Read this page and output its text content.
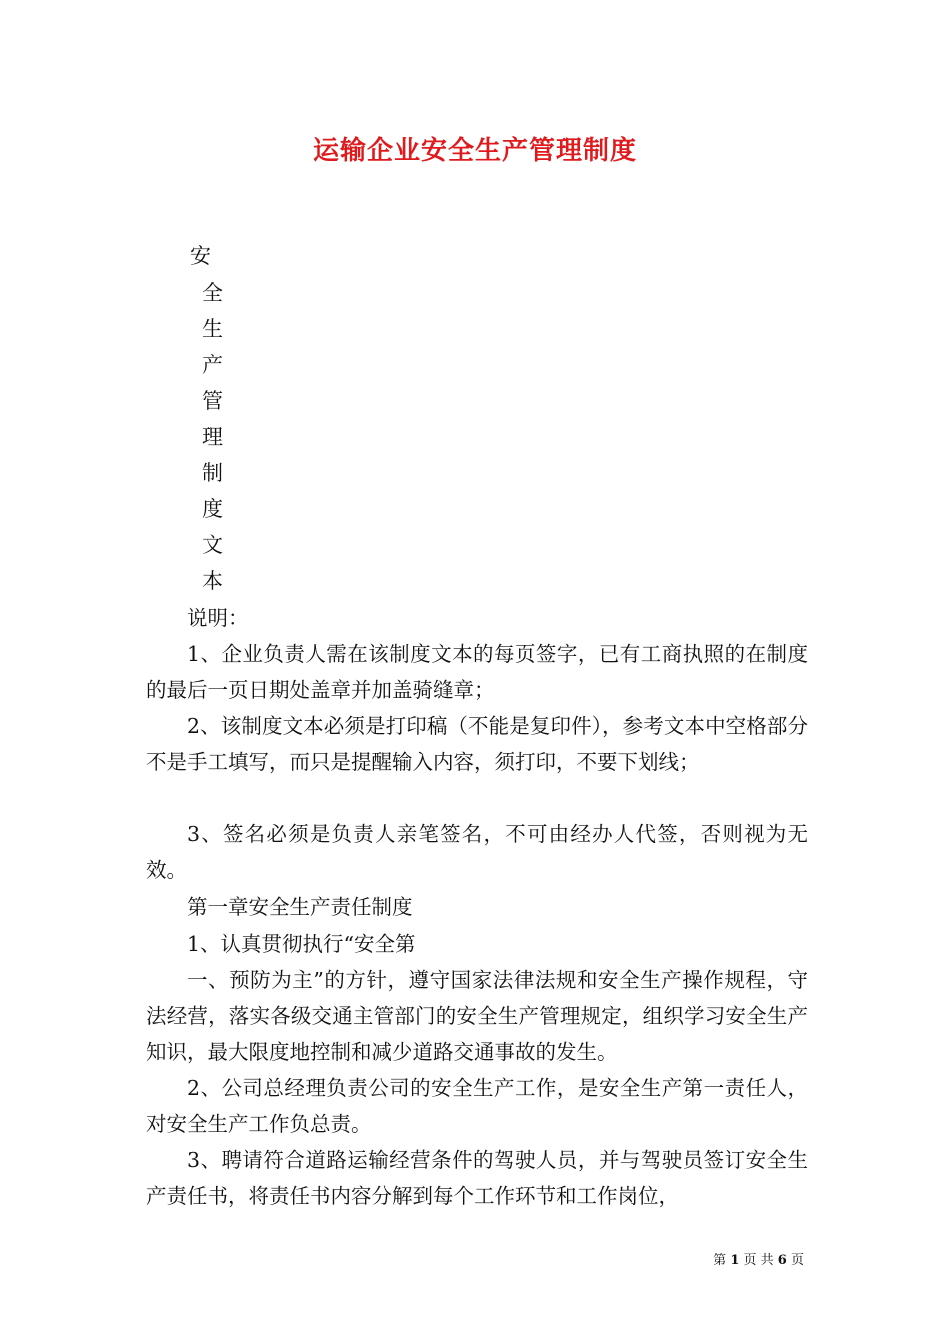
运输企业安全生产管理制度
安
全
生
产
管
理
制
度
文
本

说明：

1、企业负责人需在该制度文本的每页签字，已有工商执照的在制度的最后一页日期处盖章并加盖骑缝章；

2、该制度文本必须是打印稿（不能是复印件），参考文本中空格部分不是手工填写，而只是提醒输入内容，须打印，不要下划线；

3、签名必须是负责人亲笔签名，不可由经办人代签，否则视为无效。

第一章安全生产责任制度

1、认真贯彻执行“安全第

一、预防为主”的方针，遵守国家法律法规和安全生产操作规程，守法经营，落实各级交通主管部门的安全生产管理规定，组织学习安全生产知识，最大限度地控制和减少道路交通事故的发生。

2、公司总经理负责公司的安全生产工作，是安全生产第一责任人，对安全生产工作负总责。

3、聘请符合道路运输经营条件的驾驶人员，并与驾驶员签订安全生产责任书，将责任书内容分解到每个工作环节和工作岗位，

第 1 页 共 6 页
